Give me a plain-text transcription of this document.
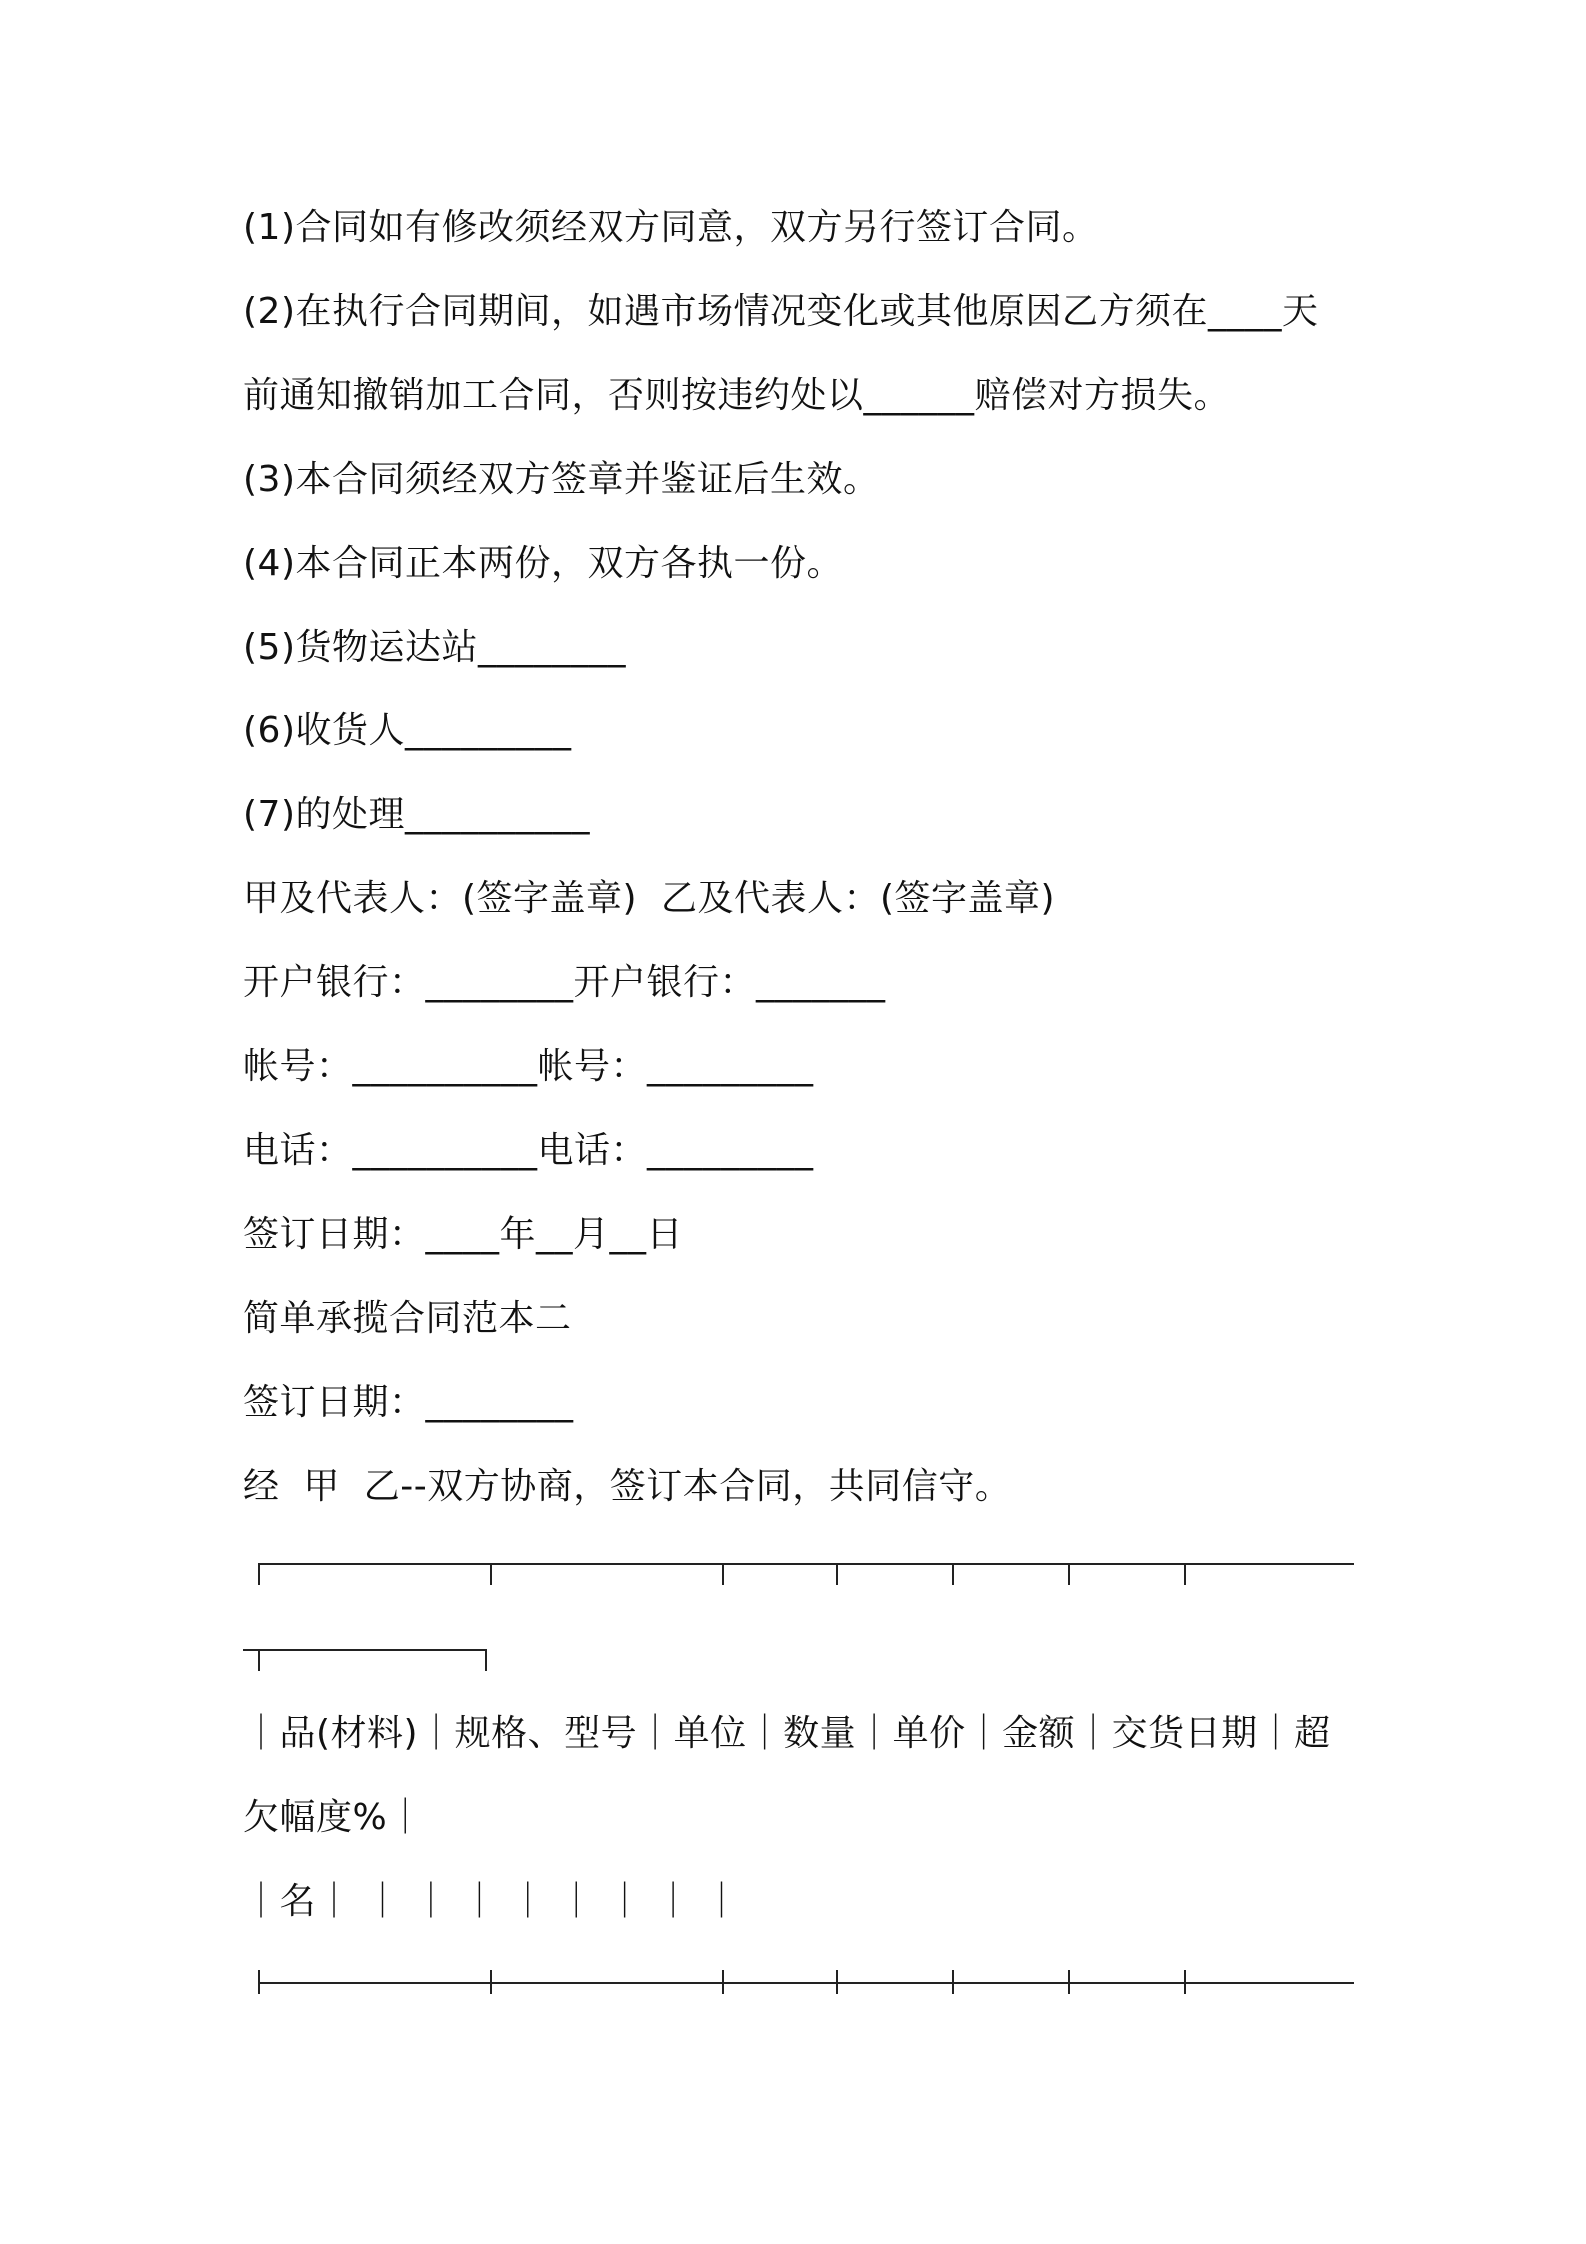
(1)合同如有修改须经双方同意，双方另行签订合同。
(2)在执行合同期间，如遇市场情况变化或其他原因乙方须在____天
前通知撤销加工合同，否则按违约处以______赔偿对方损失。
(3)本合同须经双方签章并鉴证后生效。
(4)本合同正本两份，双方各执一份。
(5)货物运达站________
(6)收货人_________
(7)的处理__________
甲及代表人：(签字盖章)  乙及代表人：(签字盖章)
开户银行：________开户银行：_______
帐号：__________帐号：_________
电话：__________电话：_________
签订日期：____年__月__日
简单承揽合同范本二
签订日期：________
经  甲  乙--双方协商，签订本合同，共同信守。
｜品(材料)｜规格、型号｜单位｜数量｜单价｜金额｜交货日期｜超
欠幅度%｜
｜名｜ ｜ ｜ ｜ ｜ ｜ ｜ ｜ ｜
